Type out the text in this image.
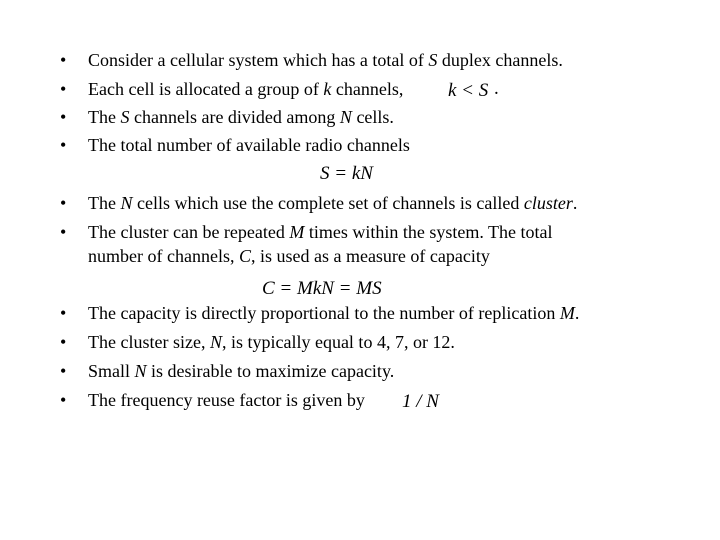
•	Consider a cellular system which has a total of S duplex channels.
•	Each cell is allocated a group of k channels, k < S .
•	The S channels are divided among N cells.
•	The total number of available radio channels
S = kN
•	The N cells which use the complete set of channels is called cluster.
•	The cluster can be repeated M times within the system. The total
number of channels, C, is used as a measure of capacity
C = MkN = MS
•	The capacity is directly proportional to the number of replication M.
•	The cluster size, N, is typically equal to 4, 7, or 12.
•	Small N is desirable to maximize capacity.
•	The frequency reuse factor is given by 1 / N
